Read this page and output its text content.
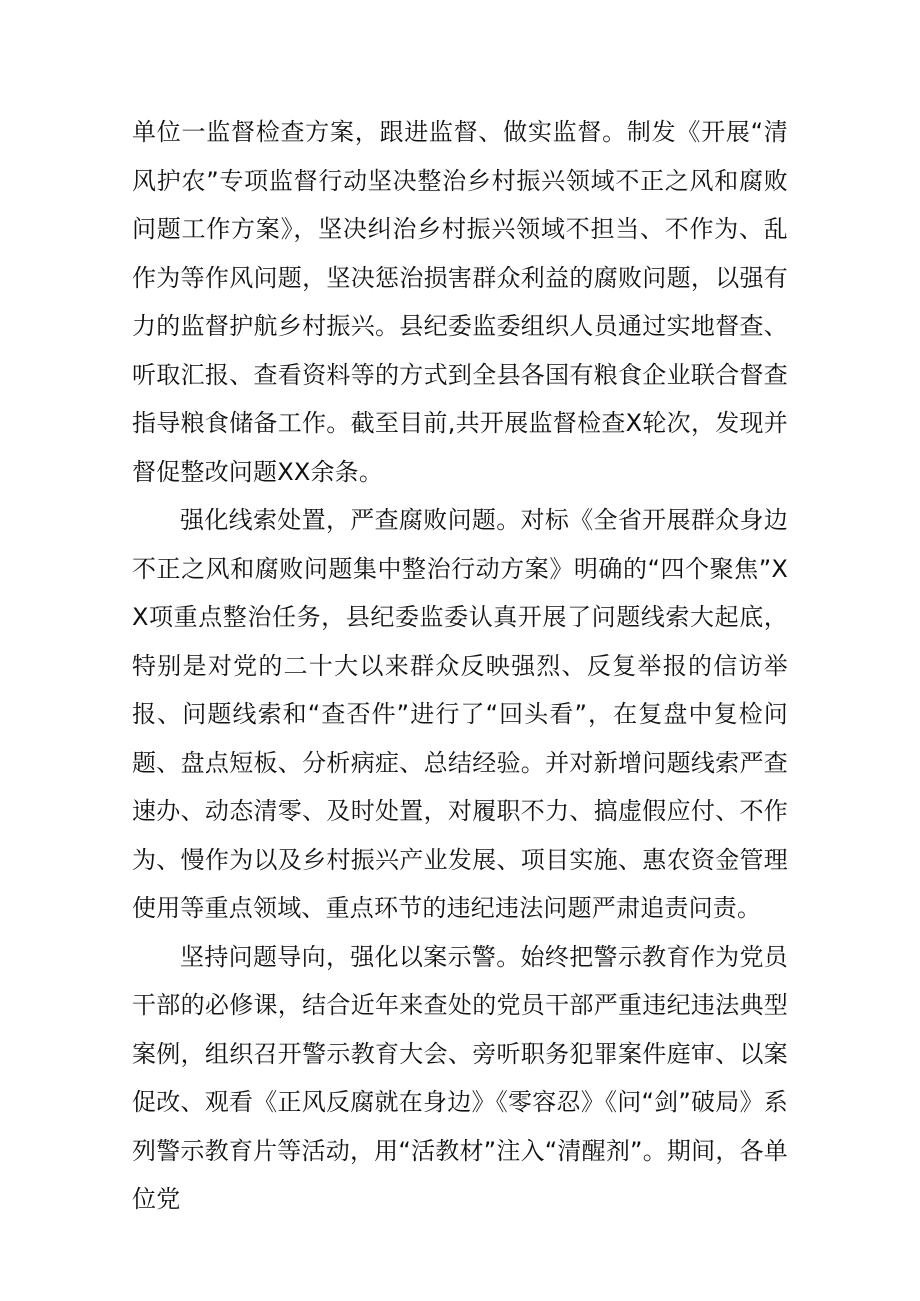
单位一监督检查方案，跟进监督、做实监督。制发《开展“清风护农”专项监督行动坚决整治乡村振兴领域不正之风和腐败问题工作方案》，坚决纠治乡村振兴领域不担当、不作为、乱作为等作风问题，坚决惩治损害群众利益的腐败问题，以强有力的监督护航乡村振兴。县纪委监委组织人员通过实地督查、听取汇报、查看资料等的方式到全县各国有粮食企业联合督查指导粮食储备工作。截至目前,共开展监督检查X轮次，发现并督促整改问题XX余条。

强化线索处置，严查腐败问题。对标《全省开展群众身边不正之风和腐败问题集中整治行动方案》明确的“四个聚焦”XX项重点整治任务，县纪委监委认真开展了问题线索大起底，特别是对党的二十大以来群众反映强烈、反复举报的信访举报、问题线索和“查否件”进行了“回头看”，在复盘中复检问题、盘点短板、分析病症、总结经验。并对新增问题线索严查速办、动态清零、及时处置，对履职不力、搞虚假应付、不作为、慢作为以及乡村振兴产业发展、项目实施、惠农资金管理使用等重点领域、重点环节的违纪违法问题严肃追责问责。

坚持问题导向，强化以案示警。始终把警示教育作为党员干部的必修课，结合近年来查处的党员干部严重违纪违法典型案例，组织召开警示教育大会、旁听职务犯罪案件庭审、以案促改、观看《正风反腐就在身边》《零容忍》《问“剑”破局》系列警示教育片等活动，用“活教材”注入“清醒剂”。期间，各单位党
